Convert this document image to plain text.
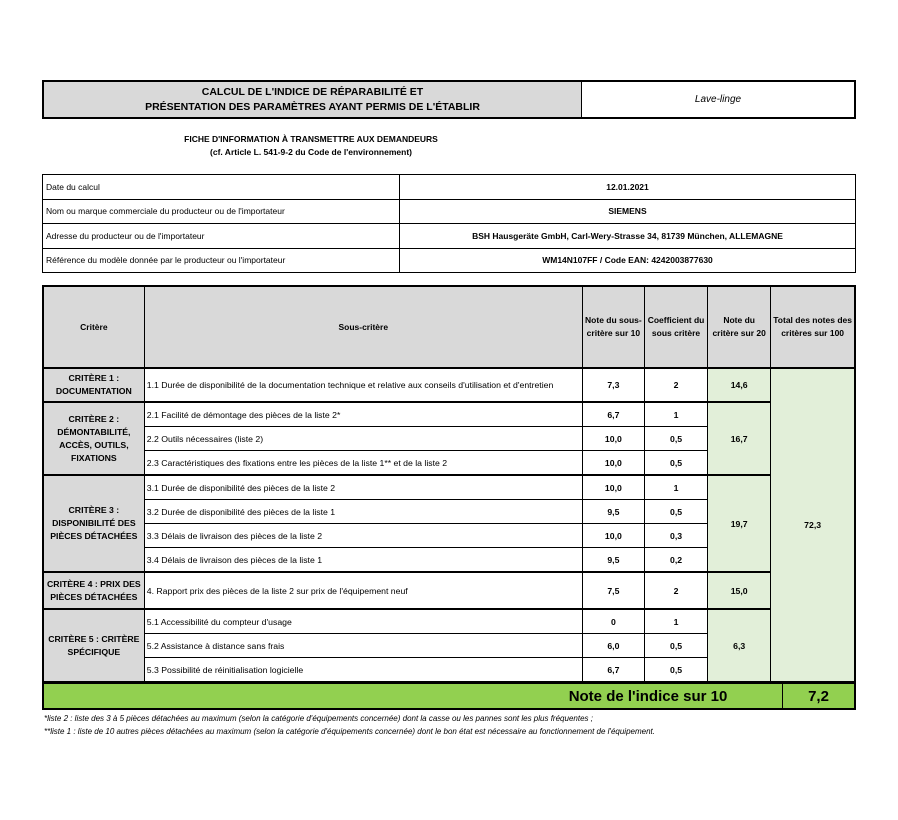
CALCUL DE L'INDICE DE RÉPARABILITÉ ET
PRÉSENTATION DES PARAMÈTRES AYANT PERMIS DE L'ÉTABLIR
Lave-linge
FICHE D'INFORMATION À TRANSMETTRE AUX DEMANDEURS
(cf. Article L. 541-9-2 du Code de l'environnement)
Date du calcul	12.01.2021
Nom ou marque commerciale du producteur ou de l'importateur	SIEMENS
Adresse du producteur ou de l'importateur	BSH Hausgeräte GmbH, Carl-Wery-Strasse 34, 81739 München, ALLEMAGNE
Référence du modèle donnée par le producteur ou l'importateur	WM14N107FF / Code EAN: 4242003877630
Critère	Sous-critère	Note du sous-critère sur 10	Coefficient du sous critère	Note du critère sur 20	Total des notes des critères sur 100
CRITÈRE 1 : DOCUMENTATION	1.1 Durée de disponibilité de la documentation technique et relative aux conseils d'utilisation et d'entretien	7,3	2	14,6	72,3
CRITÈRE 2 : DÉMONTABILITÉ, ACCÈS, OUTILS, FIXATIONS	2.1 Facilité de démontage des pièces de la liste 2*	6,7	1	16,7	
	2.2 Outils nécessaires (liste 2)	10,0	0,5		
	2.3 Caractéristiques des fixations entre les pièces de la liste 1** et de la liste 2	10,0	0,5		
CRITÈRE 3 : DISPONIBILITÉ DES PIÈCES DÉTACHÉES	3.1 Durée de disponibilité des pièces de la liste 2	10,0	1	19,7	
	3.2 Durée de disponibilité des pièces de la liste 1	9,5	0,5		
	3.3 Délais de livraison des pièces de la liste 2	10,0	0,3		
	3.4 Délais de livraison des pièces de la liste 1	9,5	0,2		
CRITÈRE 4 : PRIX DES PIÈCES DÉTACHÉES	4. Rapport prix des pièces de la liste 2 sur prix de l'équipement neuf	7,5	2	15,0	
CRITÈRE 5 : CRITÈRE SPÉCIFIQUE	5.1 Accessibilité du compteur d'usage	0	1	6,3	
	5.2 Assistance à distance sans frais	6,0	0,5		
	5.3 Possibilité de réinitialisation logicielle	6,7	0,5		
Note de l'indice sur 10	7,2
*liste 2 : liste des 3 à 5 pièces détachées au maximum (selon la catégorie d'équipements concernée) dont la casse ou les pannes sont les plus fréquentes ;
**liste 1 : liste de 10 autres pièces détachées au maximum (selon la catégorie d'équipements concernée) dont le bon état est nécessaire au fonctionnement de l'équipement.
